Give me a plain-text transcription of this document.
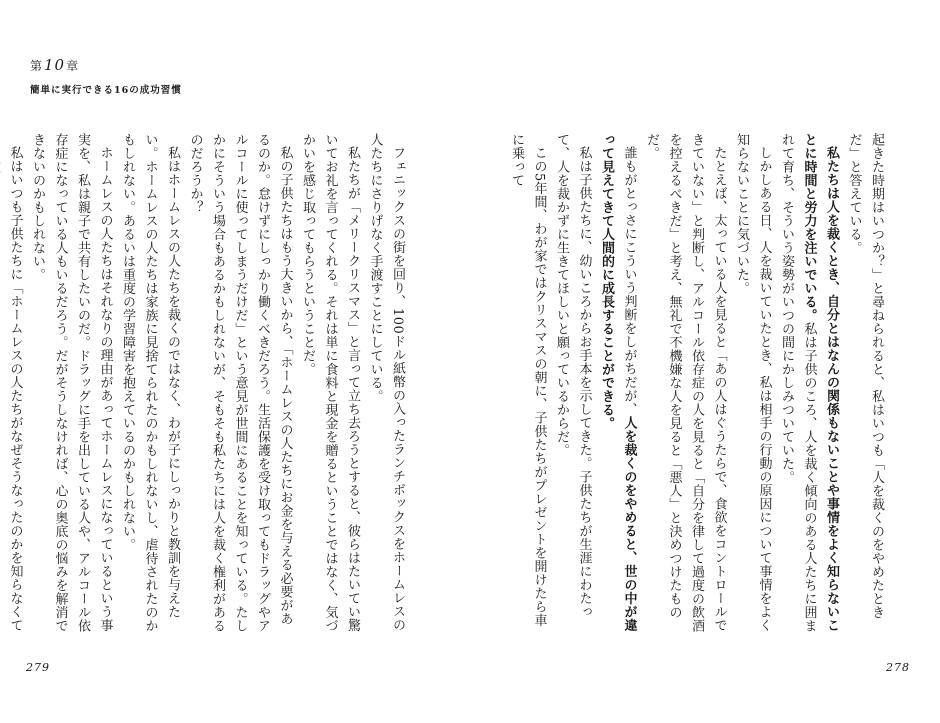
第10章
簡単に実行できる16の成功習慣

フェニックスの街を回り、100ドル紙幣の入ったランチボックスをホームレスの人たちにさりげなく手渡すことにしている。

私たちが「メリークリスマス」と言って立ち去ろうとすると、彼らはたいてい驚いてお礼を言ってくれる。それは単に食料と現金を贈るということではなく、気づかいを感じ取ってもらうということだ。

私の子供たちはもう大きいから、「ホームレスの人たちにお金を与える必要があるのか。怠けずにしっかり働くべきだろう。生活保護を受け取ってもドラッグやアルコールに使ってしまうだけだ」という意見が世間にあることを知っている。たしかにそういう場合もあるかもしれないが、そもそも私たちには人を裁く権利があるのだろうか？

私はホームレスの人たちを裁くのではなく、わが子にしっかりと教訓を与えたい。ホームレスの人たちは家族に見捨てられたのかもしれないし、虐待されたのかもしれない。あるいは重度の学習障害を抱えているのかもしれない。

ホームレスの人たちはそれなりの理由があってホームレスになっているという事実を、私は親子で共有したいのだ。ドラッグに手を出している人や、アルコール依存症になっている人もいるだろう。だがそうしなければ、心の奥底の悩みを解消できないのかもしれない。

私はいつも子供たちに「ホームレスの人たちがなぜそうなったのかを知らなくて

起きた時期はいつか？」と尋ねられると、私はいつも「人を裁くのをやめたときだ」と答えている。

私たちは人を裁くとき、自分とはなんの関係もないことや事情をよく知らないことに時間と労力を注いでいる。私は子供のころ、人を裁く傾向のある人たちに囲まれて育ち、そういう姿勢がいつの間にかしみついていた。

しかしある日、人を裁いていたとき、私は相手の行動の原因について事情をよく知らないことに気づいた。

たとえば、太っている人を見ると「あの人はぐうたらで、食欲をコントロールできていない」と判断し、アルコール依存症の人を見ると「自分を律して過度の飲酒を控えるべきだ」と考え、無礼で不機嫌な人を見ると「悪人」と決めつけたものだ。

誰もがとっさにこういう判断をしがちだが、人を裁くのをやめると、世の中が違って見えてきて人間的に成長することができる。

私は子供たちに、幼いころからお手本を示してきた。子供たちが生涯にわたって、人を裁かずに生きてほしいと願っているからだ。

この5年間、わが家ではクリスマスの朝に、子供たちがプレゼントを開けたら車に乗って

279	278
